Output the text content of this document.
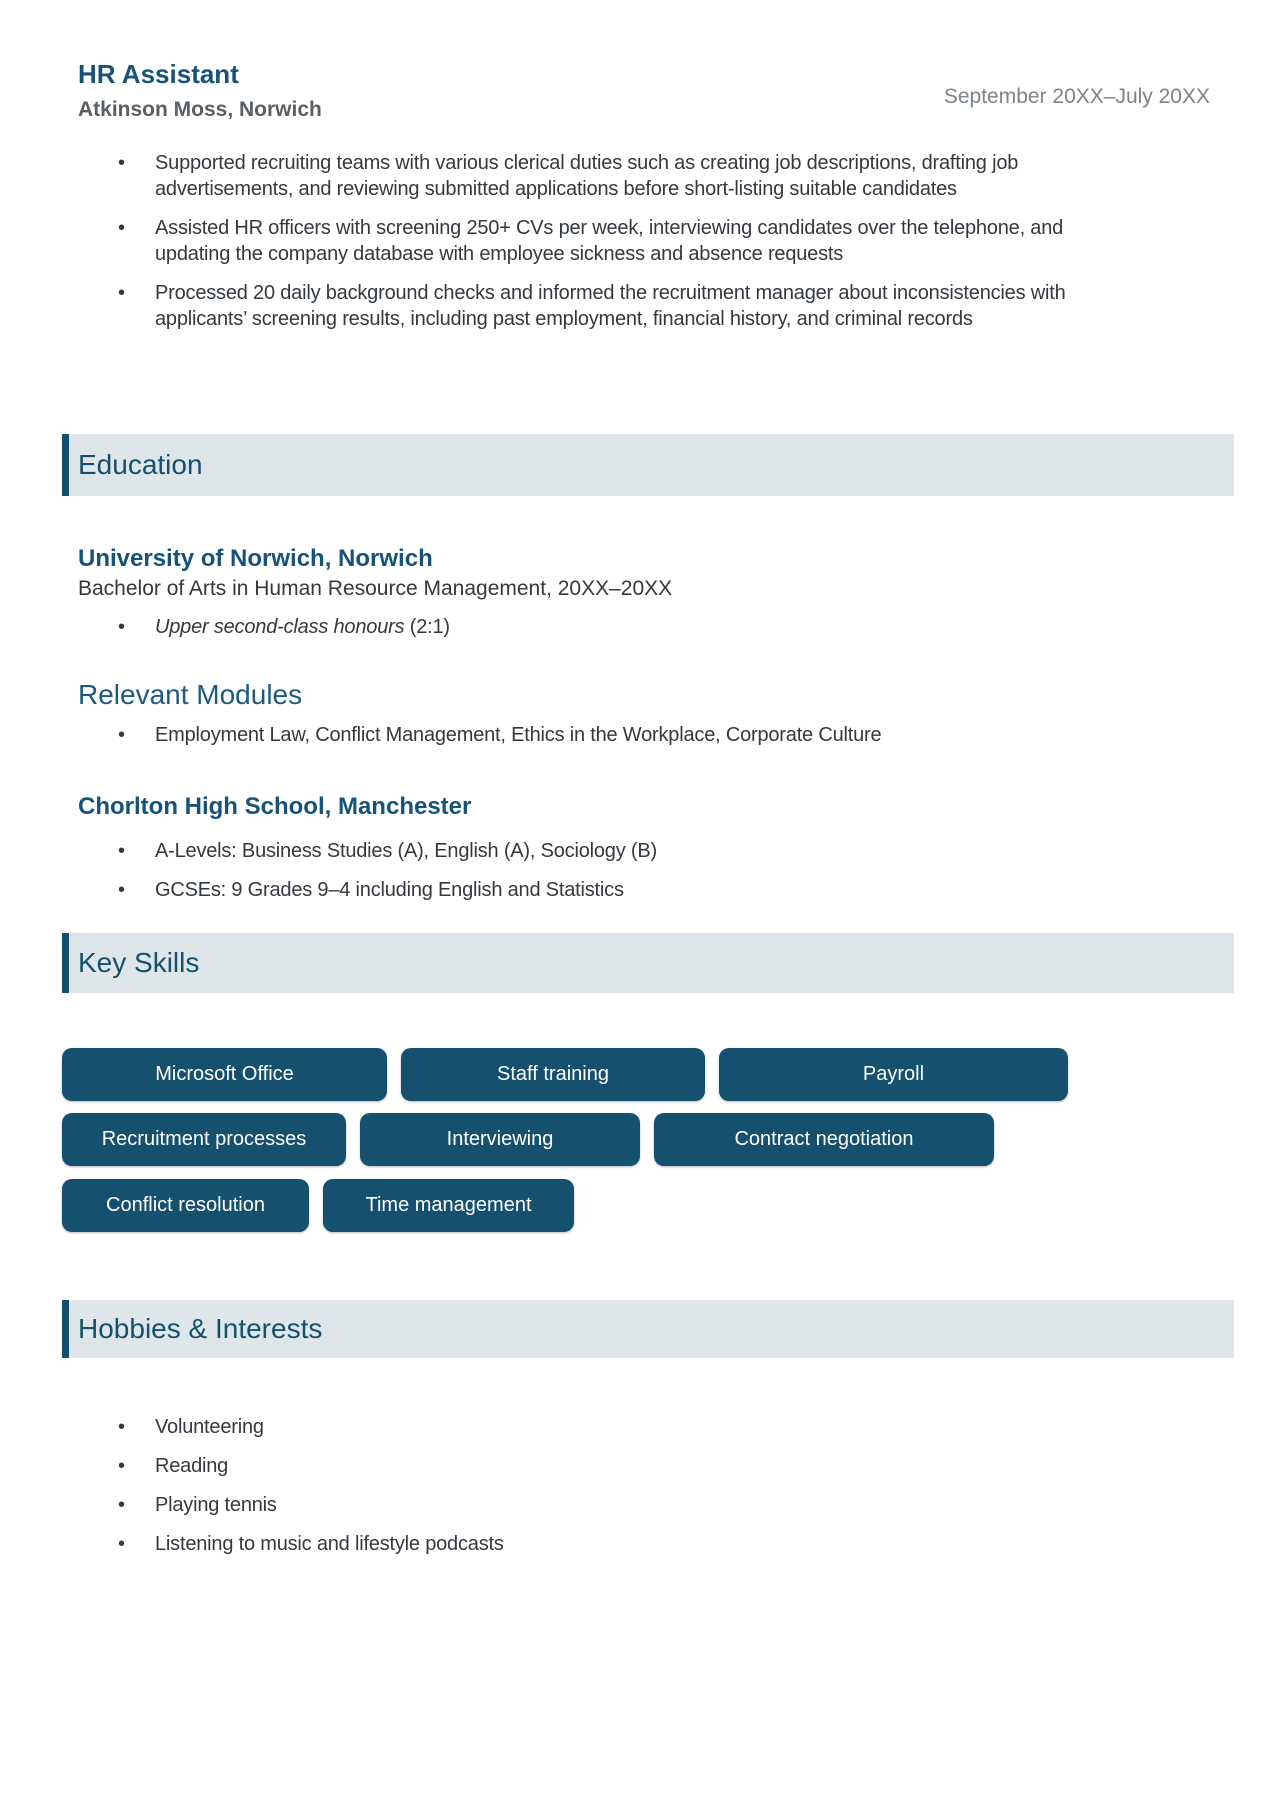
HR Assistant
Atkinson Moss, Norwich
September 20XX–July 20XX
• Supported recruiting teams with various clerical duties such as creating job descriptions, drafting job advertisements, and reviewing submitted applications before short-listing suitable candidates
• Assisted HR officers with screening 250+ CVs per week, interviewing candidates over the telephone, and updating the company database with employee sickness and absence requests
• Processed 20 daily background checks and informed the recruitment manager about inconsistencies with applicants’ screening results, including past employment, financial history, and criminal records
Education
University of Norwich, Norwich
Bachelor of Arts in Human Resource Management, 20XX–20XX
• Upper second-class honours (2:1)
Relevant Modules
• Employment Law, Conflict Management, Ethics in the Workplace, Corporate Culture
Chorlton High School, Manchester
• A-Levels: Business Studies (A), English (A), Sociology (B)
• GCSEs: 9 Grades 9–4 including English and Statistics
Key Skills
Microsoft Office	Staff training	Payroll
Recruitment processes	Interviewing	Contract negotiation
Conflict resolution	Time management
Hobbies & Interests
• Volunteering
• Reading
• Playing tennis
• Listening to music and lifestyle podcasts
